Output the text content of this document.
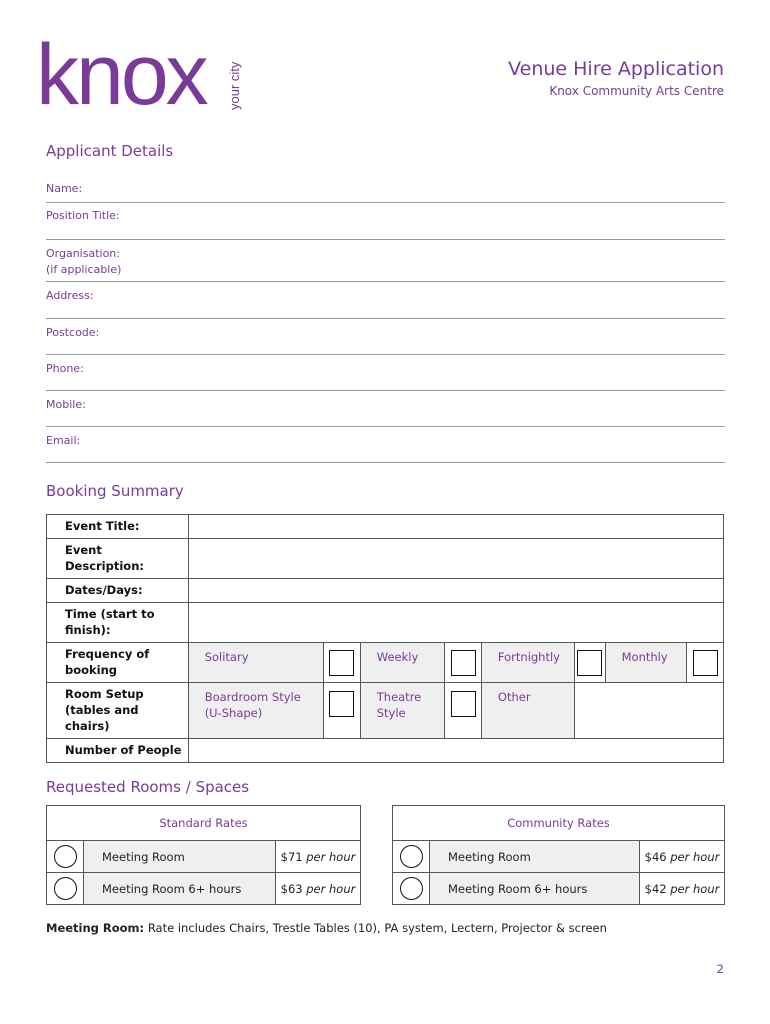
knox your city	Venue Hire Application
Knox Community Arts Centre
Applicant Details
Name:
Position Title:
Organisation:
(if applicable)
Address:
Postcode:
Phone:
Mobile:
Email:
Booking Summary
Event Title:								
Event Description:								
Dates/Days:								
Time (start to finish):								
Frequency of booking	Solitary		Weekly		Fortnightly		Monthly	

Room Setup (tables and chairs)	Boardroom Style (U-Shape)		Theatre Style		Other			
Number of People								
Requested Rooms / Spaces
Standard Rates		

	Meeting Room	$71 per hour

	Meeting Room 6+ hours	$63 per hour
Community Rates		

	Meeting Room	$46 per hour

	Meeting Room 6+ hours	$42 per hour
Meeting Room: Rate includes Chairs, Trestle Tables (10), PA system, Lectern, Projector & screen
2
